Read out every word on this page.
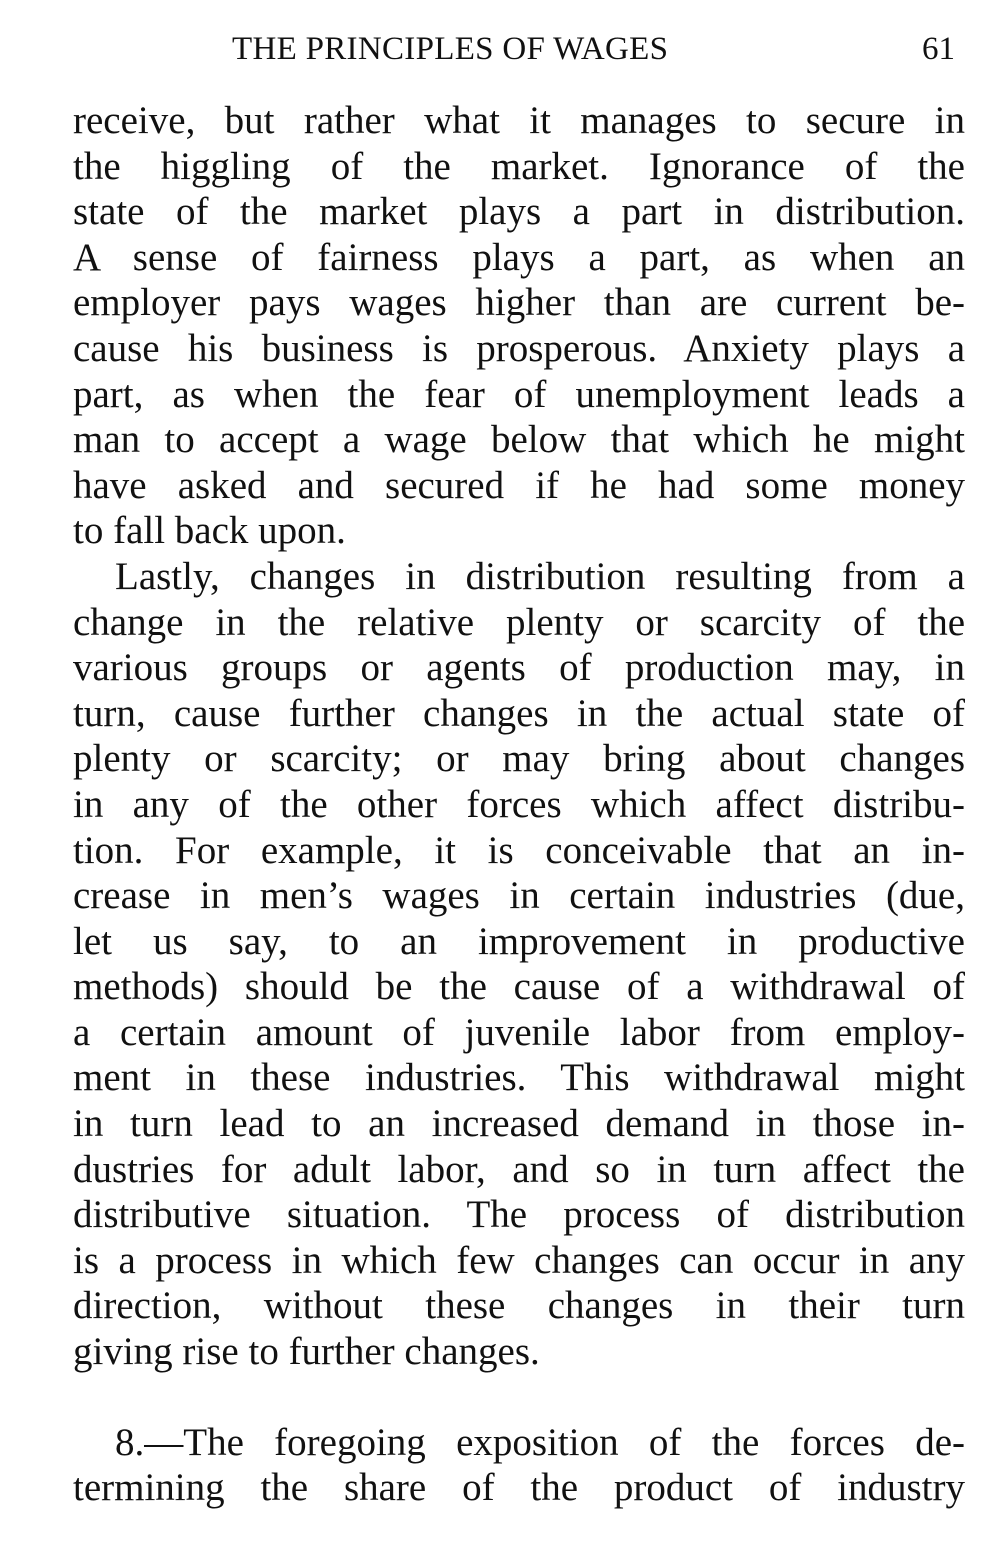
THE PRINCIPLES OF WAGES	61
receive, but rather what it manages to secure in
the higgling of the market. Ignorance of the
state of the market plays a part in distribution.
A sense of fairness plays a part, as when an
employer pays wages higher than are current be-
cause his business is prosperous. Anxiety plays a
part, as when the fear of unemployment leads a
man to accept a wage below that which he might
have asked and secured if he had some money
to fall back upon.
Lastly, changes in distribution resulting from a
change in the relative plenty or scarcity of the
various groups or agents of production may, in
turn, cause further changes in the actual state of
plenty or scarcity; or may bring about changes
in any of the other forces which affect distribu-
tion. For example, it is conceivable that an in-
crease in men’s wages in certain industries (due,
let us say, to an improvement in productive
methods) should be the cause of a withdrawal of
a certain amount of juvenile labor from employ-
ment in these industries. This withdrawal might
in turn lead to an increased demand in those in-
dustries for adult labor, and so in turn affect the
distributive situation. The process of distribution
is a process in which few changes can occur in any
direction, without these changes in their turn
giving rise to further changes.
8.—The foregoing exposition of the forces de-
termining the share of the product of industry
